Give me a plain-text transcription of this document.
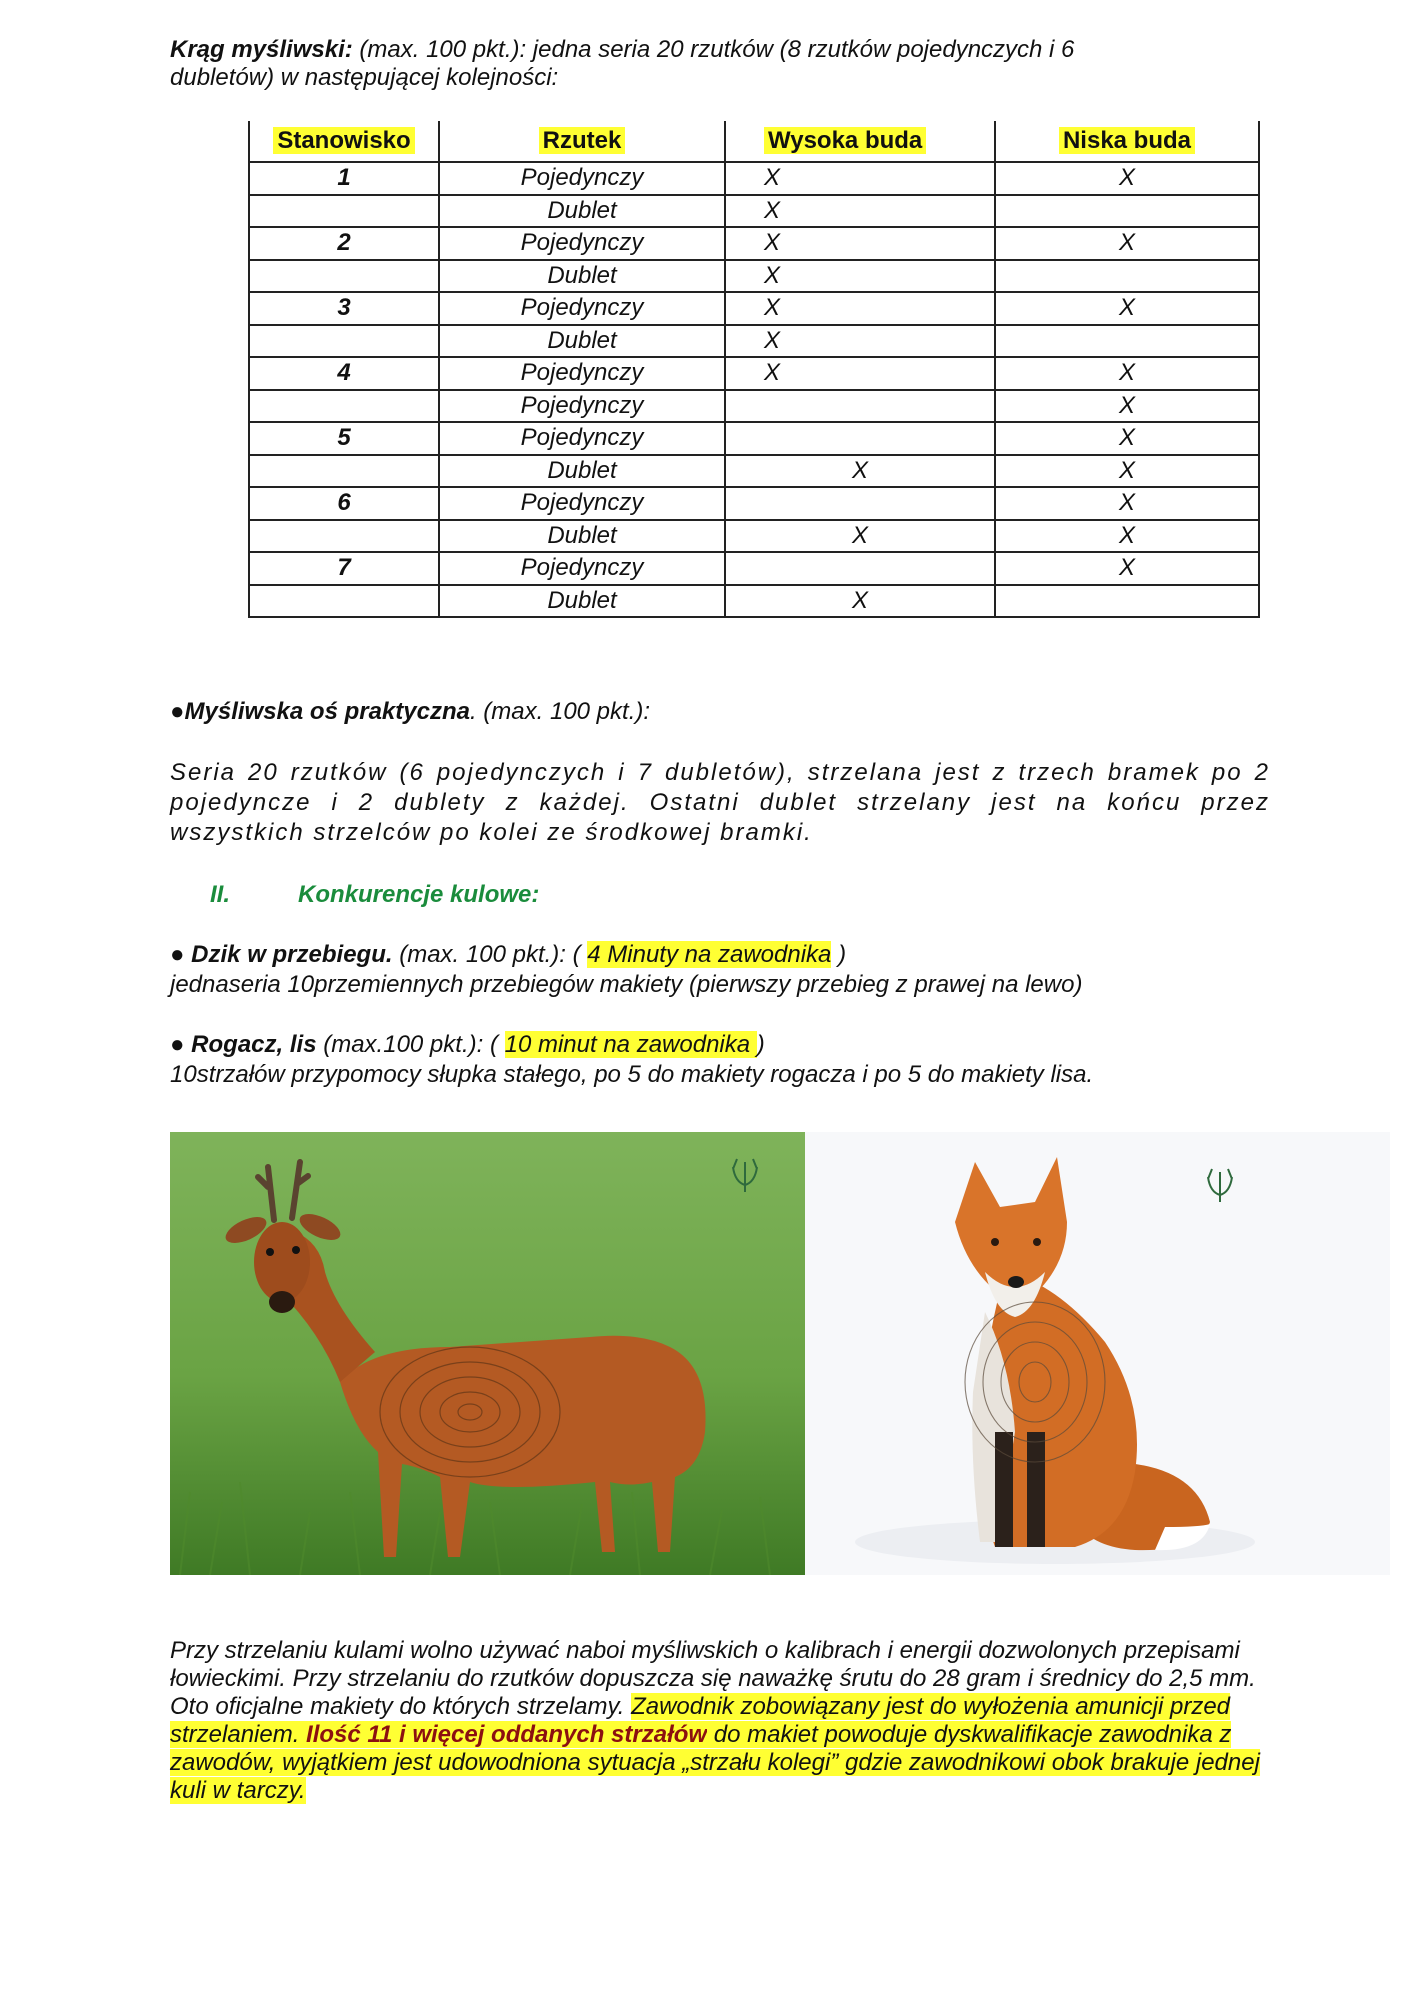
Krąg myśliwski: (max. 100 pkt.): jedna seria 20 rzutków (8 rzutków pojedynczych i 6 dubletów) w następującej kolejności:
Stanowisko	Rzutek	Wysoka buda	Niska buda
1	Pojedynczy	X	X
	Dublet	X	
2	Pojedynczy	X	X
	Dublet	X	
3	Pojedynczy	X	X
	Dublet	X	
4	Pojedynczy	X	X
	Pojedynczy		X
5	Pojedynczy		X
	Dublet	X	X
6	Pojedynczy		X
	Dublet	X	X
7	Pojedynczy		X
	Dublet	X	
●Myśliwska oś praktyczna. (max. 100 pkt.):
Seria 20 rzutków (6 pojedynczych i 7 dubletów), strzelana jest z trzech bramek po 2 pojedyncze i 2 dublety z każdej. Ostatni dublet strzelany jest na końcu przez wszystkich strzelców po kolei ze środkowej bramki.
II.	Konkurencje kulowe:
● Dzik w przebiegu. (max. 100 pkt.): ( 4 Minuty na zawodnika )
jednaseria 10przemiennych przebiegów makiety (pierwszy przebieg z prawej na lewo)
● Rogacz, lis (max.100 pkt.): ( 10 minut na zawodnika )
10strzałów przypomocy słupka stałego, po 5 do makiety rogacza i po 5 do makiety lisa.
Przy strzelaniu kulami wolno używać naboi myśliwskich o kalibrach i energii dozwolonych przepisami łowieckimi. Przy strzelaniu do rzutków dopuszcza się naważkę śrutu do 28 gram i średnicy do 2,5 mm.
Oto oficjalne makiety do których strzelamy. Zawodnik zobowiązany jest do wyłożenia amunicji przed strzelaniem. Ilość 11 i więcej oddanych strzałów do makiet powoduje dyskwalifikacje zawodnika z zawodów, wyjątkiem jest udowodniona sytuacja „strzału kolegi” gdzie zawodnikowi obok brakuje jednej kuli w tarczy.
